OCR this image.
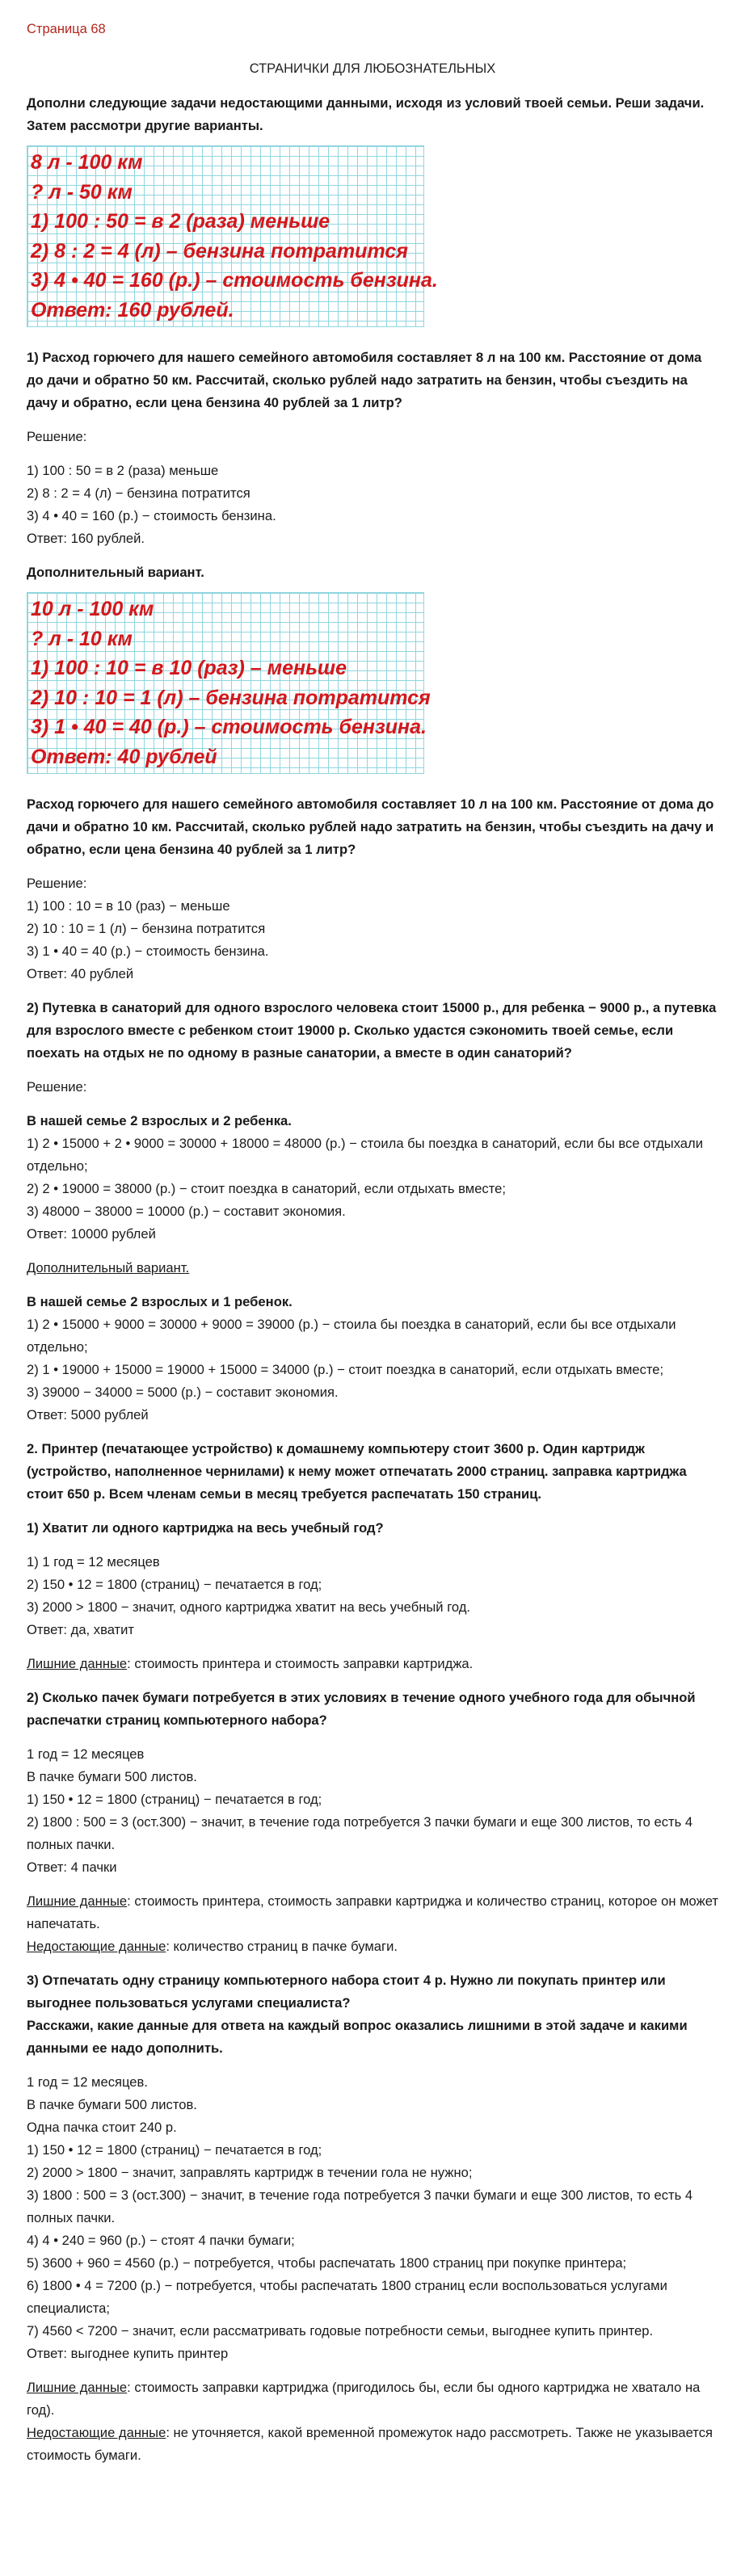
Страница 68
СТРАНИЧКИ ДЛЯ ЛЮБОЗНАТЕЛЬНЫХ

Дополни следующие задачи недостающими данными, исходя из условий твоей семьи. Реши задачи. Затем рассмотри другие варианты.

8 л - 100 км
? л - 50 км
1) 100 : 50 = в 2 (раза) меньше
2) 8 : 2 = 4 (л) – бензина потратится
3) 4 • 40 = 160 (р.) – стоимость бензина.
Ответ: 160 рублей.

1) Расход горючего для нашего семейного автомобиля составляет 8 л на 100 км. Расстояние от дома до дачи и обратно 50 км. Рассчитай, сколько рублей надо затратить на бензин, чтобы съездить на дачу и обратно, если цена бензина 40 рублей за 1 литр?

Решение:

1) 100 : 50 = в 2 (раза) меньше

2) 8 : 2 = 4 (л) − бензина потратится

3) 4 • 40 = 160 (р.) − стоимость бензина.

Ответ: 160 рублей.

Дополнительный вариант.

10 л - 100 км
? л - 10 км
1) 100 : 10 = в 10 (раз) – меньше
2) 10 : 10 = 1 (л) – бензина потратится
3) 1 • 40 = 40 (р.) – стоимость бензина.
Ответ: 40 рублей

Расход горючего для нашего семейного автомобиля составляет 10 л на 100 км. Расстояние от дома до дачи и обратно 10 км. Рассчитай, сколько рублей надо затратить на бензин, чтобы съездить на дачу и обратно, если цена бензина 40 рублей за 1 литр?

Решение:

1) 100 : 10 = в 10 (раз) − меньше

2) 10 : 10 = 1 (л) − бензина потратится

3) 1 • 40 = 40 (р.) − стоимость бензина.

Ответ: 40 рублей

2) Путевка в санаторий для одного взрослого человека стоит 15000 р., для ребенка − 9000 р., а путевка для взрослого вместе с ребенком стоит 19000 р. Сколько удастся сэкономить твоей семье, если поехать на отдых не по одному в разные санатории, а вместе в один санаторий?

Решение:

В нашей семье 2 взрослых и 2 ребенка.

1) 2 • 15000 + 2 • 9000 = 30000 + 18000 = 48000 (р.) − стоила бы поездка в санаторий, если бы все отдыхали отдельно;

2) 2 • 19000 = 38000 (р.) − стоит поездка в санаторий, если отдыхать вместе;

3) 48000 − 38000 = 10000 (р.) − составит экономия.

Ответ: 10000 рублей

Дополнительный вариант.

В нашей семье 2 взрослых и 1 ребенок.

1) 2 • 15000 + 9000 = 30000 + 9000 = 39000 (р.) − стоила бы поездка в санаторий, если бы все отдыхали отдельно;

2) 1 • 19000 + 15000 = 19000 + 15000 = 34000 (р.) − стоит поездка в санаторий, если отдыхать вместе;

3) 39000 − 34000 = 5000 (р.) − составит экономия.

Ответ: 5000 рублей

2. Принтер (печатающее устройство) к домашнему компьютеру стоит 3600 р. Один картридж (устройство, наполненное чернилами) к нему может отпечатать 2000 страниц. заправка картриджа стоит 650 р. Всем членам семьи в месяц требуется распечатать 150 страниц.

1) Хватит ли одного картриджа на весь учебный год?

1) 1 год = 12 месяцев

2) 150 • 12 = 1800 (страниц) − печатается в год;

3) 2000 > 1800 − значит, одного картриджа хватит на весь учебный год.

Ответ: да, хватит

Лишние данные: стоимость принтера и стоимость заправки картриджа.

2) Сколько пачек бумаги потребуется в этих условиях в течение одного учебного года для обычной распечатки страниц компьютерного набора?

1 год = 12 месяцев

В пачке бумаги 500 листов.

1) 150 • 12 = 1800 (страниц) − печатается в год;

2) 1800 : 500 = 3 (ост.300) − значит, в течение года потребуется 3 пачки бумаги и еще 300 листов, то есть 4 полных пачки.

Ответ: 4 пачки

Лишние данные: стоимость принтера, стоимость заправки картриджа и количество страниц, которое он может напечатать.

Недостающие данные: количество страниц в пачке бумаги.

3) Отпечатать одну страницу компьютерного набора стоит 4 р. Нужно ли покупать принтер или выгоднее пользоваться услугами специалиста?

Расскажи, какие данные для ответа на каждый вопрос оказались лишними в этой задаче и какими данными ее надо дополнить.

1 год = 12 месяцев.

В пачке бумаги 500 листов.

Одна пачка стоит 240 р.

1) 150 • 12 = 1800 (страниц) − печатается в год;

2) 2000 > 1800 − значит, заправлять картридж в течении гола не нужно;

3) 1800 : 500 = 3 (ост.300) − значит, в течение года потребуется 3 пачки бумаги и еще 300 листов, то есть 4 полных пачки.

4) 4 • 240 = 960 (р.) − стоят 4 пачки бумаги;

5) 3600 + 960 = 4560 (р.) − потребуется, чтобы распечатать 1800 страниц при покупке принтера;

6) 1800 • 4 = 7200 (р.) − потребуется, чтобы распечатать 1800 страниц если воспользоваться услугами специалиста;

7) 4560 < 7200 − значит, если рассматривать годовые потребности семьи, выгоднее купить принтер.

Ответ: выгоднее купить принтер

Лишние данные: стоимость заправки картриджа (пригодилось бы, если бы одного картриджа не хватало на год).

Недостающие данные: не уточняется, какой временной промежуток надо рассмотреть. Также не указывается стоимость бумаги.
